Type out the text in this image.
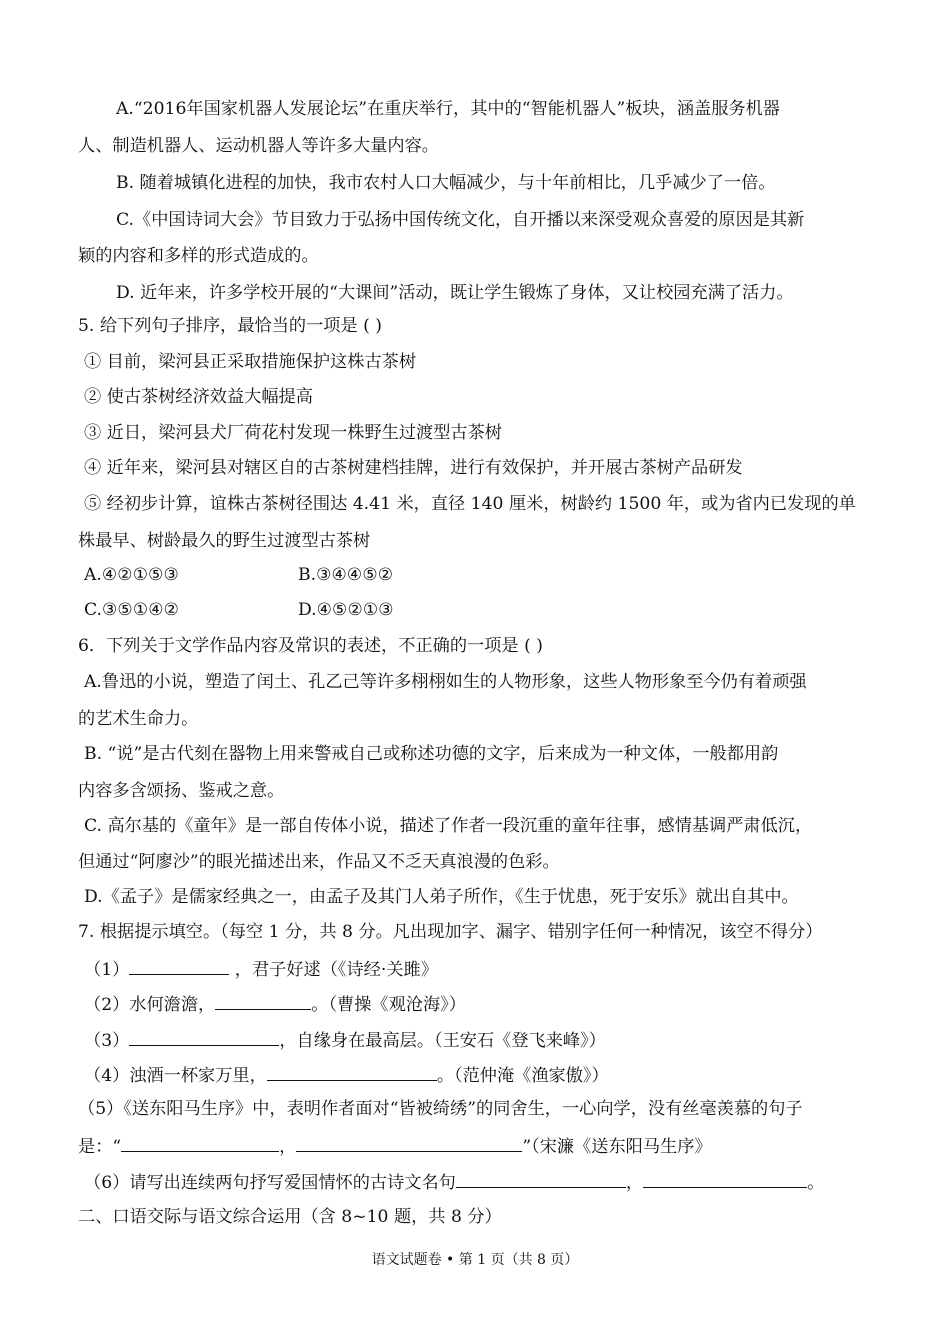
A.“2016年国家机器人发展论坛”在重庆举行，其中的“智能机器人”板块，涵盖服务机器
人、制造机器人、运动机器人等许多大量内容。
B. 随着城镇化进程的加快，我市农村人口大幅减少，与十年前相比，几乎减少了一倍。
C.《中国诗词大会》节目致力于弘扬中国传统文化，自开播以来深受观众喜爱的原因是其新
颖的内容和多样的形式造成的。
D. 近年来，许多学校开展的“大课间”活动，既让学生锻炼了身体，又让校园充满了活力。
5. 给下列句子排序，最恰当的一项是 ( )
① 目前，梁河县正采取措施保护这株古茶树
② 使古茶树经济效益大幅提高
③ 近日，梁河县犬厂荷花村发现一株野生过渡型古茶树
④ 近年来，梁河县对辖区自的古茶树建档挂牌，进行有效保护，并开展古茶树产品研发
⑤ 经初步计算，谊株古茶树径围达 4.41 米，直径 140 厘米，树龄约 1500 年，或为省内已发现的单
株最早、树龄最久的野生过渡型古茶树
A.④②①⑤③	B.③④④⑤②
C.③⑤①④②	D.④⑤②①③
6．下列关于文学作品内容及常识的表述，不正确的一项是 ( )
A.鲁迅的小说，塑造了闰土、孔乙己等许多栩栩如生的人物形象，这些人物形象至今仍有着顽强
的艺术生命力。
B. “说”是古代刻在器物上用来警戒自己或称述功德的文字，后来成为一种文体，一般都用韵
内容多含颂扬、鉴戒之意。
C. 高尔基的《童年》是一部自传体小说，描述了作者一段沉重的童年往事，感情基调严肃低沉，
但通过“阿廖沙”的眼光描述出来，作品又不乏天真浪漫的色彩。
D.《孟子》是儒家经典之一，由孟子及其门人弟子所作，《生于忧患，死于安乐》就出自其中。
7. 根据提示填空。（每空 1 分，共 8 分。凡出现加字、漏字、错别字任何一种情况，该空不得分）
（1）	，君子好逑（《诗经·关雎》
（2）水何澹澹，	。（曹操《观沧海》）
（3）	，自缘身在最高层。（王安石《登飞来峰》）
（4）浊酒一杯家万里，	。（范仲淹《渔家傲》）
（5）《送东阳马生序》中，表明作者面对“皆被绮绣”的同舍生，一心向学，没有丝毫羡慕的句子
是：“	，	”（宋濂《送东阳马生序》
（6）请写出连续两句抒写爱国情怀的古诗文名句	，	。
二、口语交际与语文综合运用（含 8~10 题，共 8 分）
语文试题卷 • 第 1 页（共 8 页）
